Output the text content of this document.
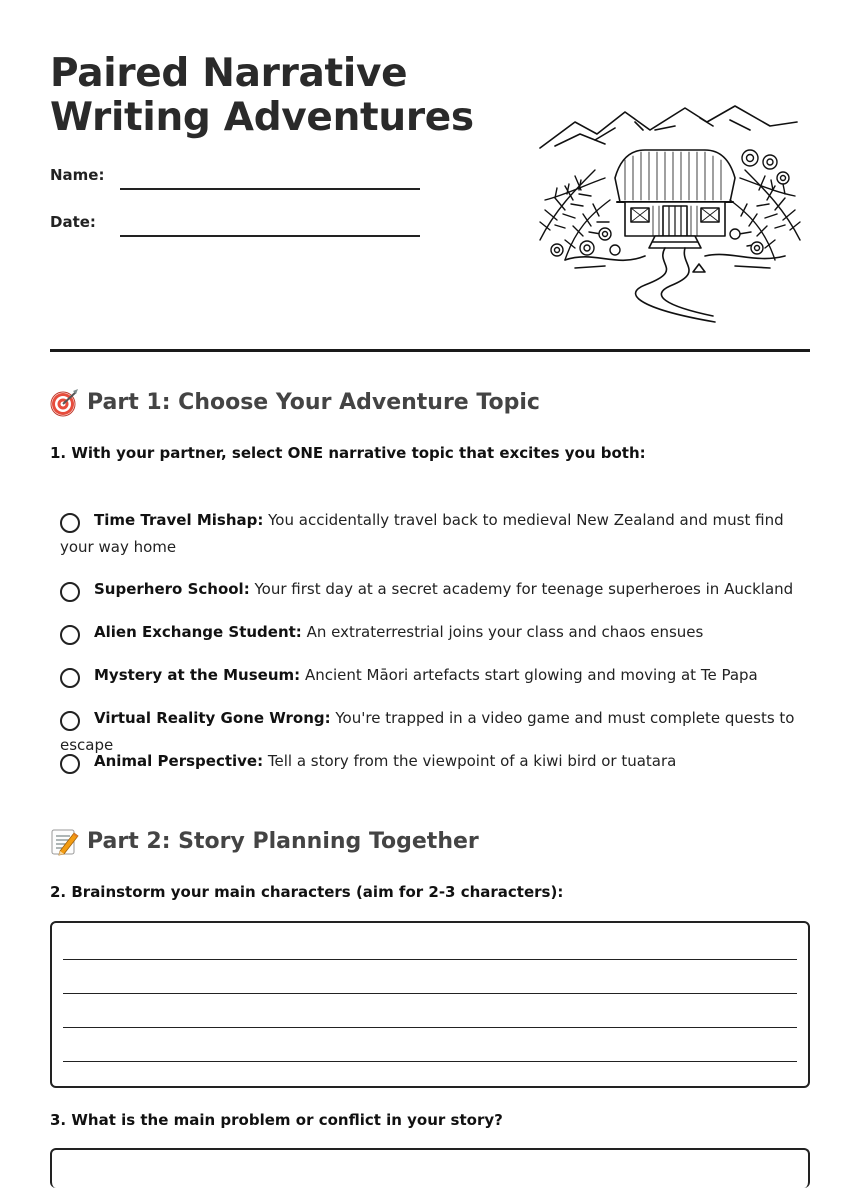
Paired Narrative
Writing Adventures
Name:
Date:
Part 1: Choose Your Adventure Topic
1. With your partner, select ONE narrative topic that excites you both:
Time Travel Mishap: You accidentally travel back to medieval New Zealand and must find your way home
Superhero School: Your first day at a secret academy for teenage superheroes in Auckland
Alien Exchange Student: An extraterrestrial joins your class and chaos ensues
Mystery at the Museum: Ancient Māori artefacts start glowing and moving at Te Papa
Virtual Reality Gone Wrong: You're trapped in a video game and must complete quests to escape
Animal Perspective: Tell a story from the viewpoint of a kiwi bird or tuatara
Part 2: Story Planning Together
2. Brainstorm your main characters (aim for 2-3 characters):
3. What is the main problem or conflict in your story?
